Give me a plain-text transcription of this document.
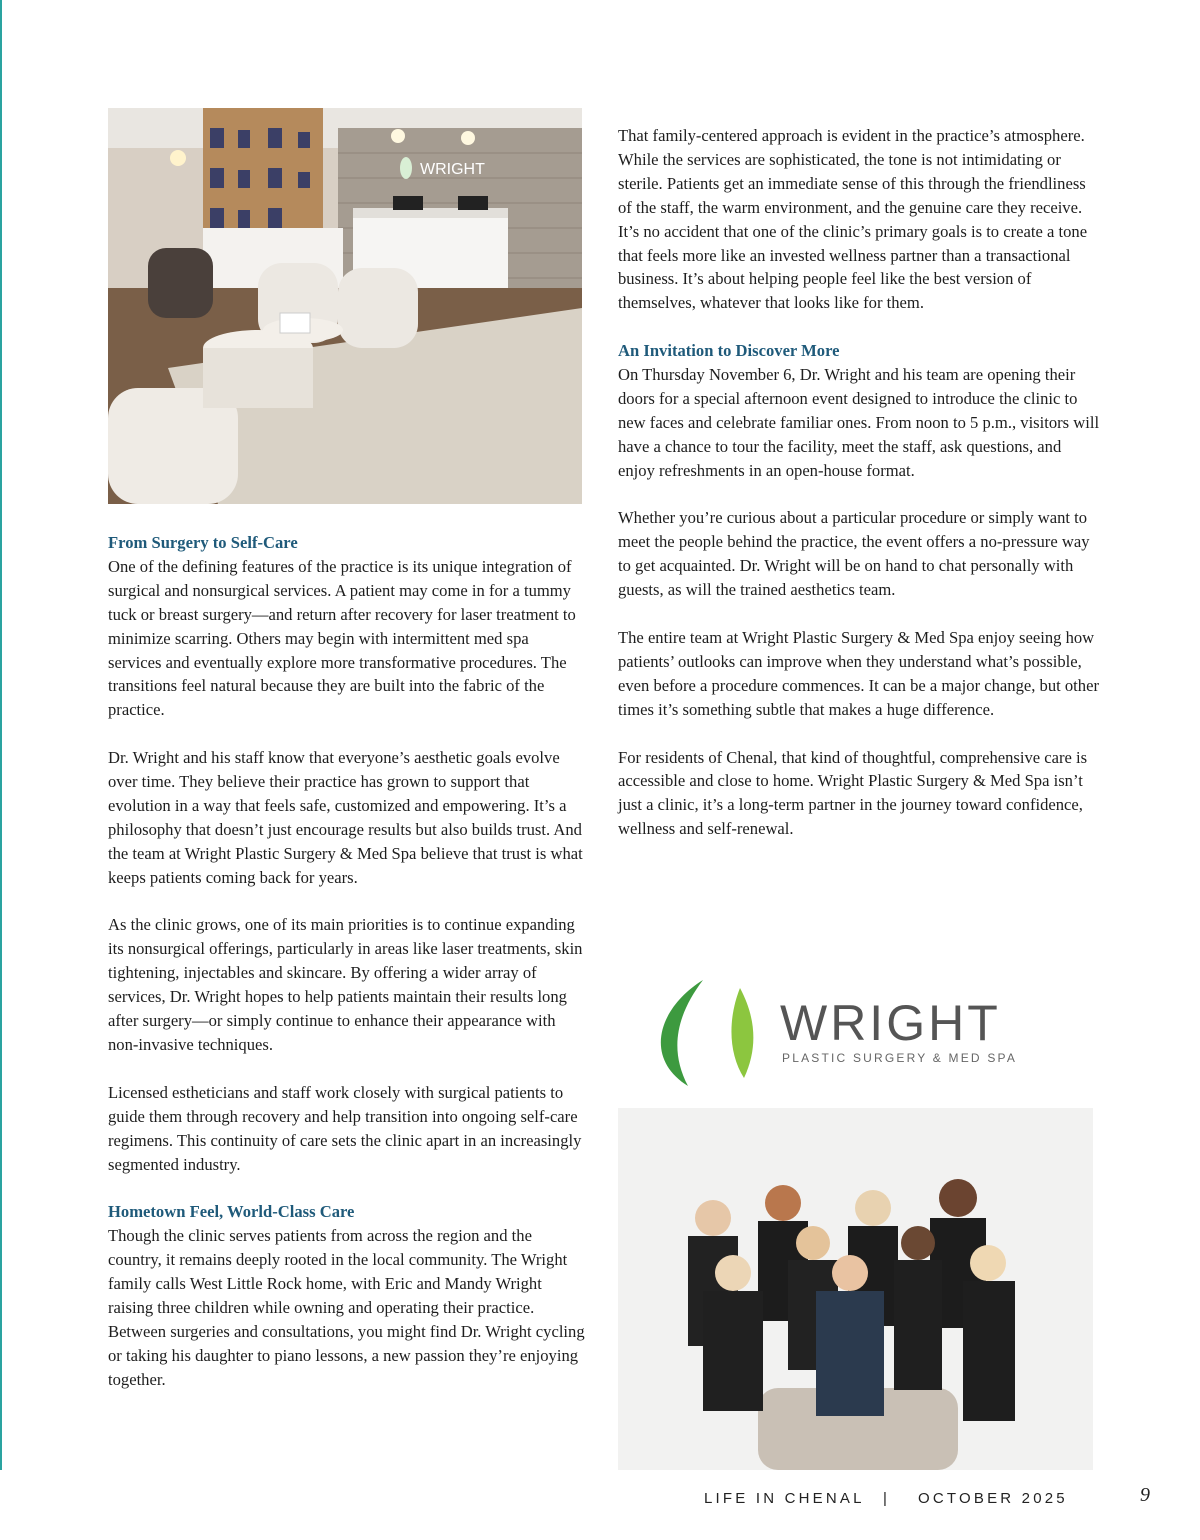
WRIGHT
From Surgery to Self-Care

One of the defining features of the practice is its unique integration of surgical and nonsurgical services. A patient may come in for a tummy tuck or breast surgery—and return after recovery for laser treatment to minimize scarring. Others may begin with intermittent med spa services and eventually explore more transformative procedures. The transitions feel natural because they are built into the fabric of the practice.

Dr. Wright and his staff know that everyone’s aesthetic goals evolve over time. They believe their practice has grown to support that evolution in a way that feels safe, customized and empowering. It’s a philosophy that doesn’t just encourage results but also builds trust. And the team at Wright Plastic Surgery & Med Spa believe that trust is what keeps patients coming back for years.

As the clinic grows, one of its main priorities is to continue expanding its nonsurgical offerings, particularly in areas like laser treatments, skin tightening, injectables and skincare. By offering a wider array of services, Dr. Wright hopes to help patients maintain their results long after surgery—or simply continue to enhance their appearance with non-invasive techniques.

Licensed estheticians and staff work closely with surgical patients to guide them through recovery and help transition into ongoing self-care regimens. This continuity of care sets the clinic apart in an increasingly segmented industry.

Hometown Feel, World-Class Care

Though the clinic serves patients from across the region and the country, it remains deeply rooted in the local community. The Wright family calls West Little Rock home, with Eric and Mandy Wright raising three children while owning and operating their practice. Between surgeries and consultations, you might find Dr. Wright cycling or taking his daughter to piano lessons, a new passion they’re enjoying together.

That family-centered approach is evident in the practice’s atmosphere. While the services are sophisticated, the tone is not intimidating or sterile. Patients get an immediate sense of this through the friendliness of the staff, the warm environment, and the genuine care they receive. It’s no accident that one of the clinic’s primary goals is to create a tone that feels more like an invested wellness partner than a transactional business. It’s about helping people feel like the best version of themselves, whatever that looks like for them.

An Invitation to Discover More

On Thursday November 6, Dr. Wright and his team are opening their doors for a special afternoon event designed to introduce the clinic to new faces and celebrate familiar ones. From noon to 5 p.m., visitors will have a chance to tour the facility, meet the staff, ask questions, and enjoy refreshments in an open-house format.

Whether you’re curious about a particular procedure or simply want to meet the people behind the practice, the event offers a no-pressure way to get acquainted. Dr. Wright will be on hand to chat personally with guests, as will the trained aesthetics team.

The entire team at Wright Plastic Surgery & Med Spa enjoy seeing how patients’ outlooks can improve when they understand what’s possible, even before a procedure commences. It can be a major change, but other times it’s something subtle that makes a huge difference.

For residents of Chenal, that kind of thoughtful, comprehensive care is accessible and close to home. Wright Plastic Surgery & Med Spa isn’t just a clinic, it’s a long-term partner in the journey toward confidence, wellness and self-renewal.

WRIGHT
PLASTIC SURGERY & MED SPA
LIFE IN CHENAL | OCTOBER 2025	9
